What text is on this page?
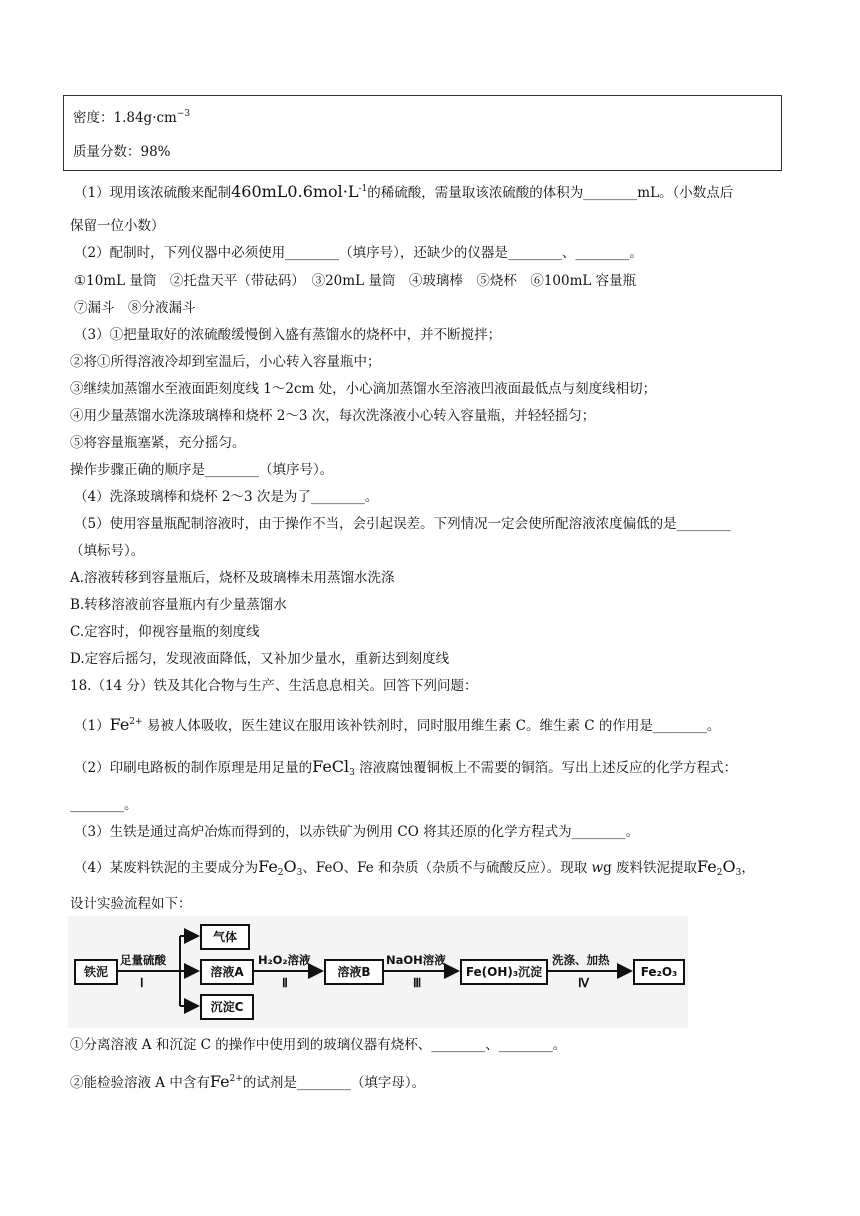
密度：$1.84g\cdot cm^{-3}$
质量分数：98%
（1）现用该浓硫酸来配制$460mL0.6mol\cdot L^{-1}$的稀硫酸，需量取该浓硫酸的体积为________mL。（小数点后
保留一位小数）
（2）配制时，下列仪器中必须使用________（填序号），还缺少的仪器是________、________。
①10mL 量筒　②托盘天平（带砝码）　③20mL 量筒　④玻璃棒　⑤烧杯　⑥100mL 容量瓶
⑦漏斗　⑧分液漏斗
（3）①把量取好的浓硫酸缓慢倒入盛有蒸馏水的烧杯中，并不断搅拌；
②将①所得溶液冷却到室温后，小心转入容量瓶中；
③继续加蒸馏水至液面距刻度线 1～2cm 处，小心滴加蒸馏水至溶液凹液面最低点与刻度线相切；
④用少量蒸馏水洗涤玻璃棒和烧杯 2～3 次，每次洗涤液小心转入容量瓶，并轻轻摇匀；
⑤将容量瓶塞紧，充分摇匀。
操作步骤正确的顺序是________（填序号）。
（4）洗涤玻璃棒和烧杯 2～3 次是为了________。
（5）使用容量瓶配制溶液时，由于操作不当，会引起误差。下列情况一定会使所配溶液浓度偏低的是________
（填标号）。
A.溶液转移到容量瓶后，烧杯及玻璃棒未用蒸馏水洗涤
B.转移溶液前容量瓶内有少量蒸馏水
C.定容时，仰视容量瓶的刻度线
D.定容后摇匀，发现液面降低，又补加少量水，重新达到刻度线
18.（14 分）铁及其化合物与生产、生活息息相关。回答下列问题：
$(1)Fe^{2+}$ 易被人体吸收，医生建议在服用该补铁剂时，同时服用维生素 C。维生素 C 的作用是________。
（2）印刷电路板的制作原理是用足量的FeCl$_3$ 溶液腐蚀覆铜板上不需要的铜箔。写出上述反应的化学方程式：
________。
（3）生铁是通过高炉冶炼而得到的，以赤铁矿为例用 CO 将其还原的化学方程式为________。
（4）某废料铁泥的主要成分为$Fe_2O_3$、FeO、Fe 和杂质（杂质不与硫酸反应）。现取 wg 废料铁泥提取$Fe_2O_3$，
设计实验流程如下：
铁泥
足量硫酸
Ⅰ
气体
溶液A
沉淀C
H₂O₂溶液
Ⅱ
溶液B
NaOH溶液
Ⅲ
Fe(OH)₃沉淀
洗涤、加热
Ⅳ
Fe₂O₃
①分离溶液 A 和沉淀 C 的操作中使用到的玻璃仪器有烧杯、________、________。
②能检验溶液 A 中含有$Fe^{2+}$的试剂是________（填字母）。
